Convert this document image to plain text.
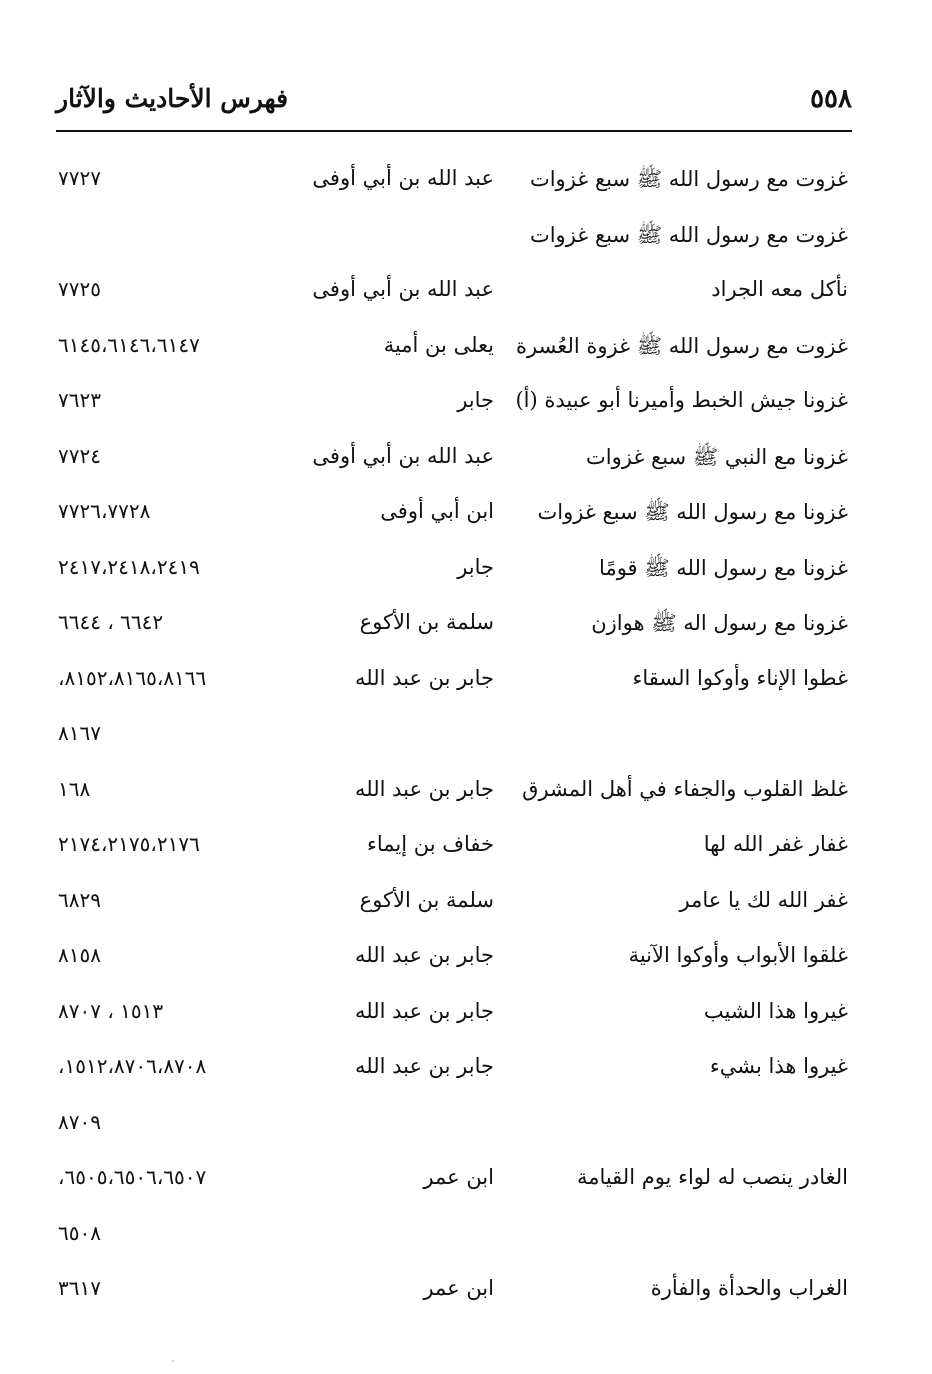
٥٥٨
فهرس الأحاديث والآثار
غزوت مع رسول الله ﷺ سبع غزوات
عبد الله بن أبي أوفى
٧٧٢٧
غزوت مع رسول الله ﷺ سبع غزوات
نأكل معه الجراد
عبد الله بن أبي أوفى
٧٧٢٥
غزوت مع رسول الله ﷺ غزوة العُسرة
يعلى بن أمية
٦١٤٥،٦١٤٦،٦١٤٧
غزونا جيش الخبط وأميرنا أبو عبيدة (أ)
جابر
٧٦٢٣
غزونا مع النبي ﷺ سبع غزوات
عبد الله بن أبي أوفى
٧٧٢٤
غزونا مع رسول الله ﷺ سبع غزوات
ابن أبي أوفى
٧٧٢٦،٧٧٢٨
غزونا مع رسول الله ﷺ قومًا
جابر
٢٤١٧،٢٤١٨،٢٤١٩
غزونا مع رسول اله ﷺ هوازن
سلمة بن الأكوع
٦٦٤٢ ، ٦٦٤٤
غطوا الإناء وأوكوا السقاء
جابر بن عبد الله
٨١٥٢،٨١٦٥،٨١٦٦،
٨١٦٧
غلظ القلوب والجفاء في أهل المشرق
جابر بن عبد الله
١٦٨
غفار غفر الله لها
خفاف بن إيماء
٢١٧٤،٢١٧٥،٢١٧٦
غفر الله لك يا عامر
سلمة بن الأكوع
٦٨٢٩
غلقوا الأبواب وأوكوا الآنية
جابر بن عبد الله
٨١٥٨
غيروا هذا الشيب
جابر بن عبد الله
١٥١٣ ، ٨٧٠٧
غيروا هذا بشيء
جابر بن عبد الله
١٥١٢،٨٧٠٦،٨٧٠٨،
٨٧٠٩
الغادر ينصب له لواء يوم القيامة
ابن عمر
٦٥٠٥،٦٥٠٦،٦٥٠٧،
٦٥٠٨
الغراب والحدأة والفأرة
ابن عمر
٣٦١٧
